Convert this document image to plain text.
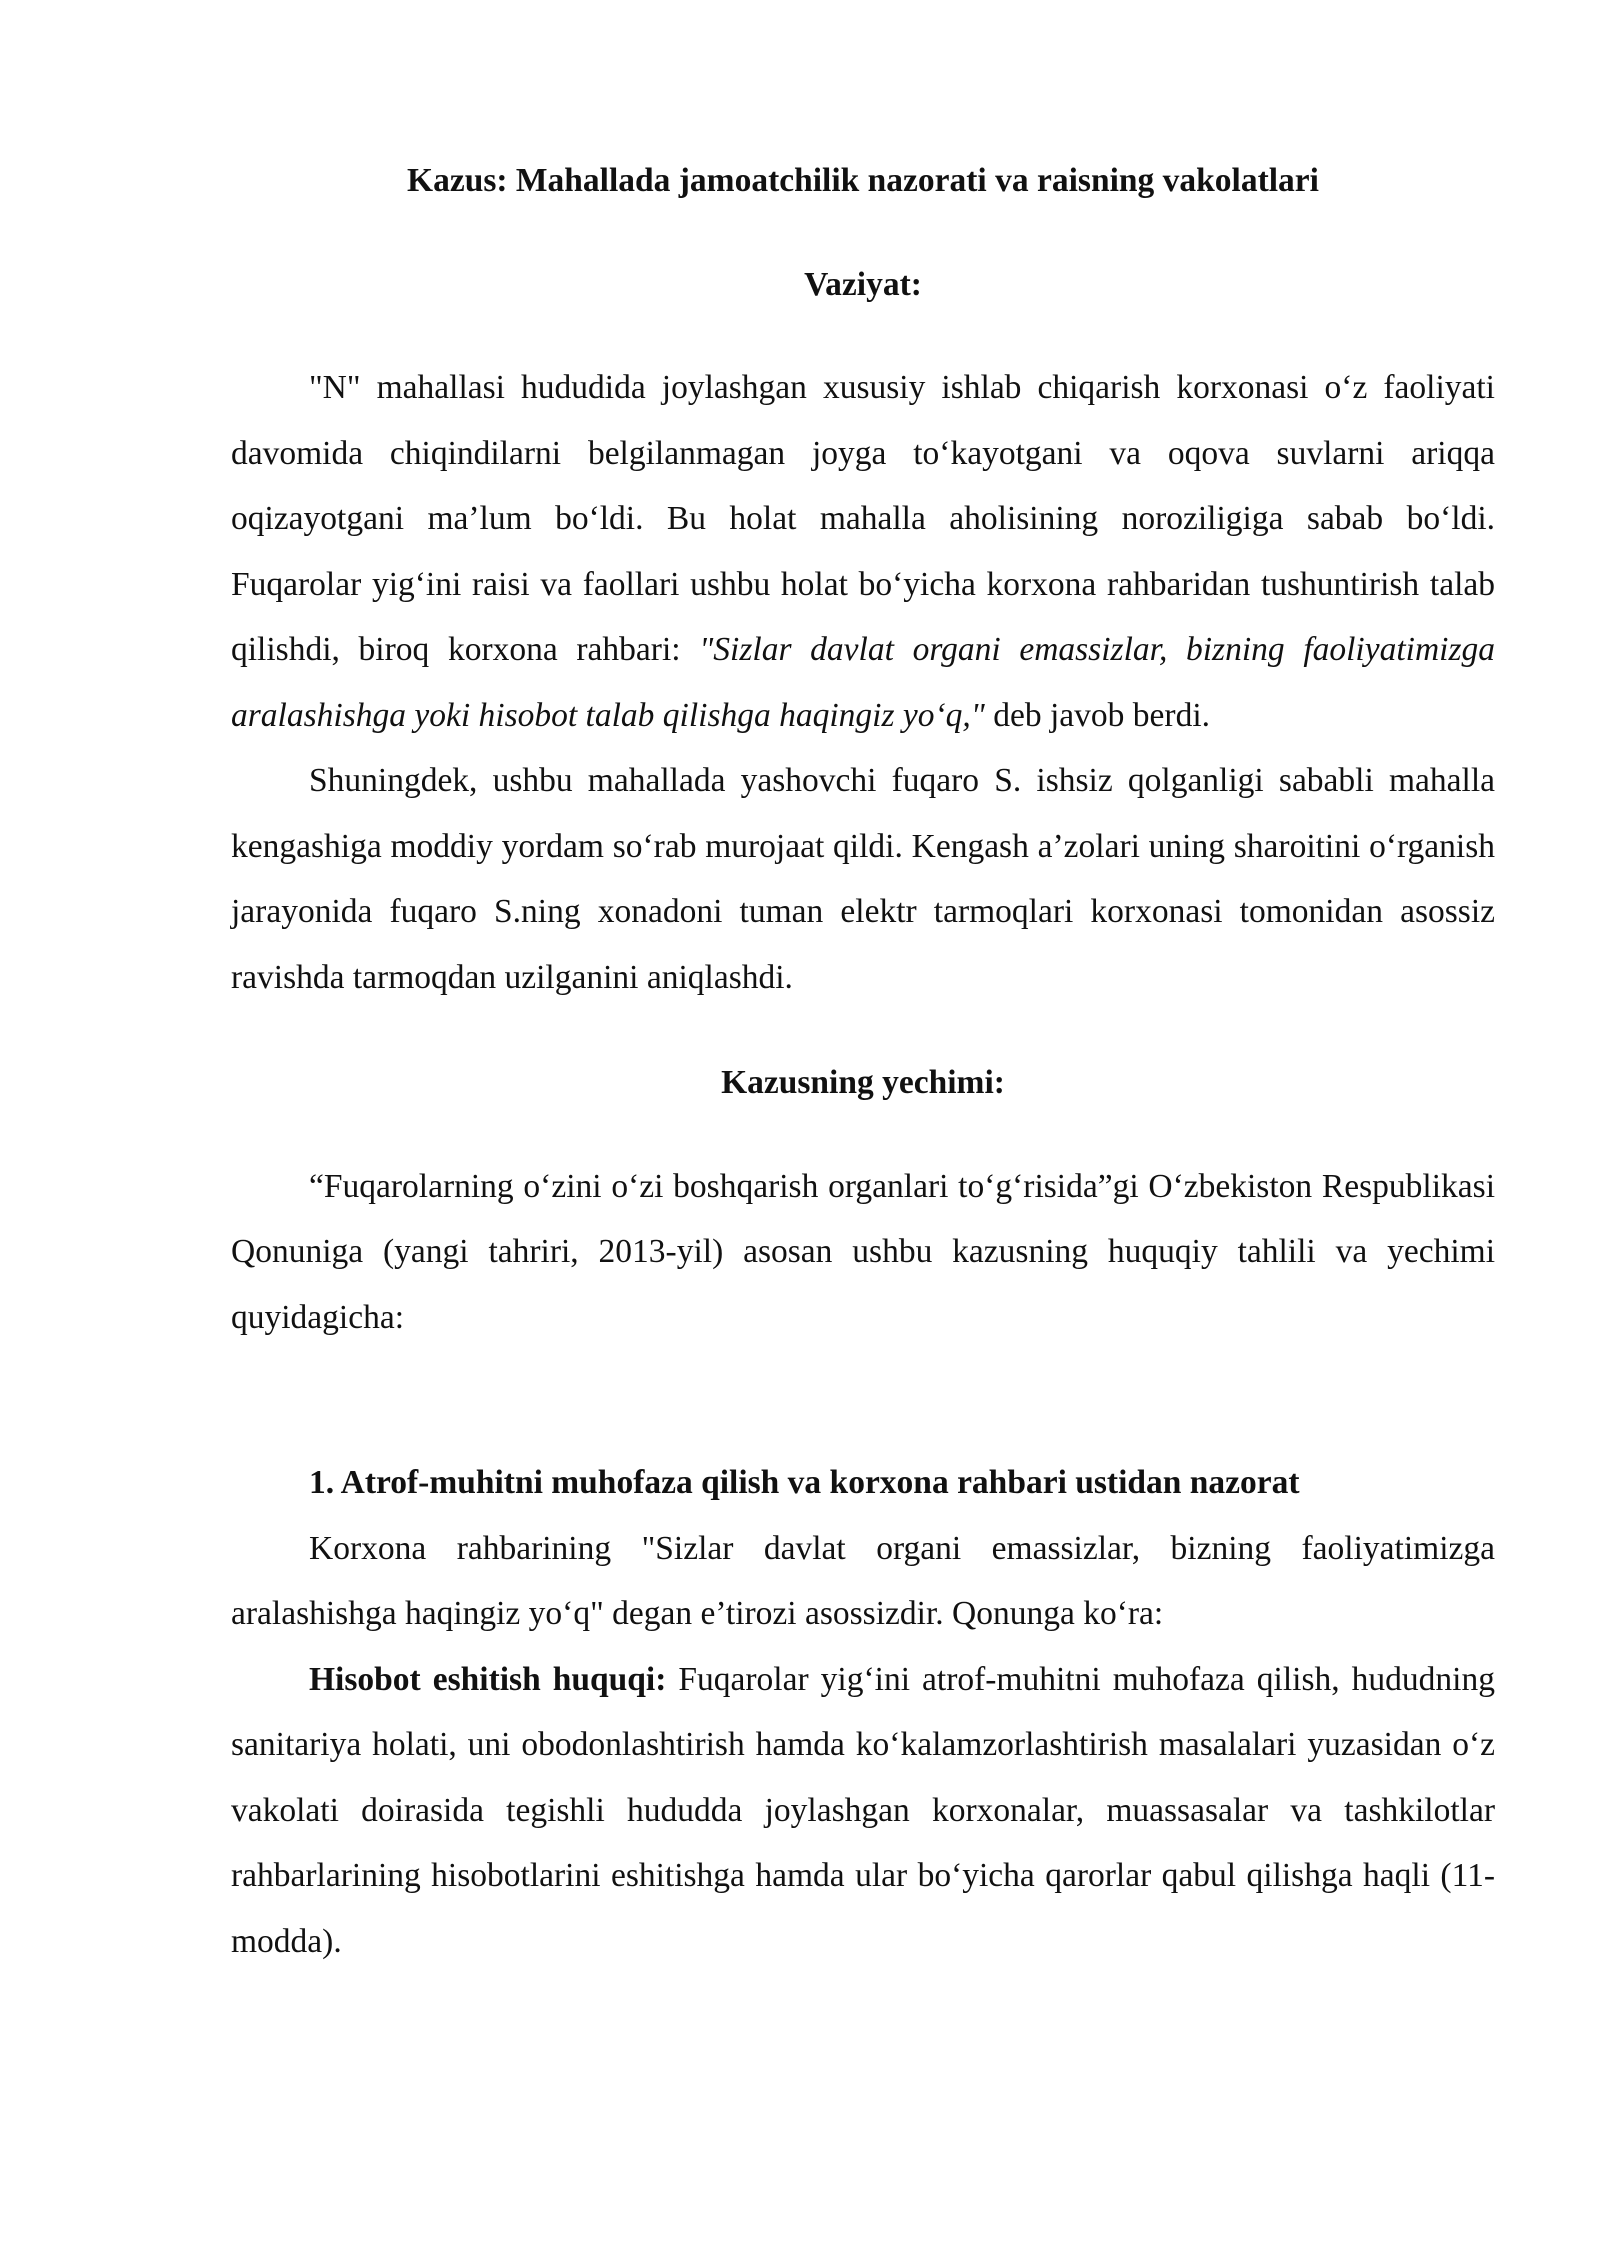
Kazus: Mahallada jamoatchilik nazorati va raisning vakolatlari

Vaziyat:

"N" mahallasi hududida joylashgan xususiy ishlab chiqarish korxonasi o‘z faoliyati davomida chiqindilarni belgilanmagan joyga to‘kayotgani va oqova suvlarni ariqqa oqizayotgani ma’lum bo‘ldi. Bu holat mahalla aholisining noroziligiga sabab bo‘ldi. Fuqarolar yig‘ini raisi va faollari ushbu holat bo‘yicha korxona rahbaridan tushuntirish talab qilishdi, biroq korxona rahbari: "Sizlar davlat organi emassizlar, bizning faoliyatimizga aralashishga yoki hisobot talab qilishga haqingiz yo‘q," deb javob berdi.

Shuningdek, ushbu mahallada yashovchi fuqaro S. ishsiz qolganligi sababli mahalla kengashiga moddiy yordam so‘rab murojaat qildi. Kengash a’zolari uning sharoitini o‘rganish jarayonida fuqaro S.ning xonadoni tuman elektr tarmoqlari korxonasi tomonidan asossiz ravishda tarmoqdan uzilganini aniqlashdi.

Kazusning yechimi:

“Fuqarolarning o‘zini o‘zi boshqarish organlari to‘g‘risida”gi O‘zbekiston Respublikasi Qonuniga (yangi tahriri, 2013-yil) asosan ushbu kazusning huquqiy tahlili va yechimi quyidagicha:

1. Atrof-muhitni muhofaza qilish va korxona rahbari ustidan nazorat

Korxona rahbarining "Sizlar davlat organi emassizlar, bizning faoliyatimizga aralashishga haqingiz yo‘q" degan e’tirozi asossizdir. Qonunga ko‘ra:

Hisobot eshitish huquqi: Fuqarolar yig‘ini atrof-muhitni muhofaza qilish, hududning sanitariya holati, uni obodonlashtirish hamda ko‘kalamzorlashtirish masalalari yuzasidan o‘z vakolati doirasida tegishli hududda joylashgan korxonalar, muassasalar va tashkilotlar rahbarlarining hisobotlarini eshitishga hamda ular bo‘yicha qarorlar qabul qilishga haqli (11-modda).
